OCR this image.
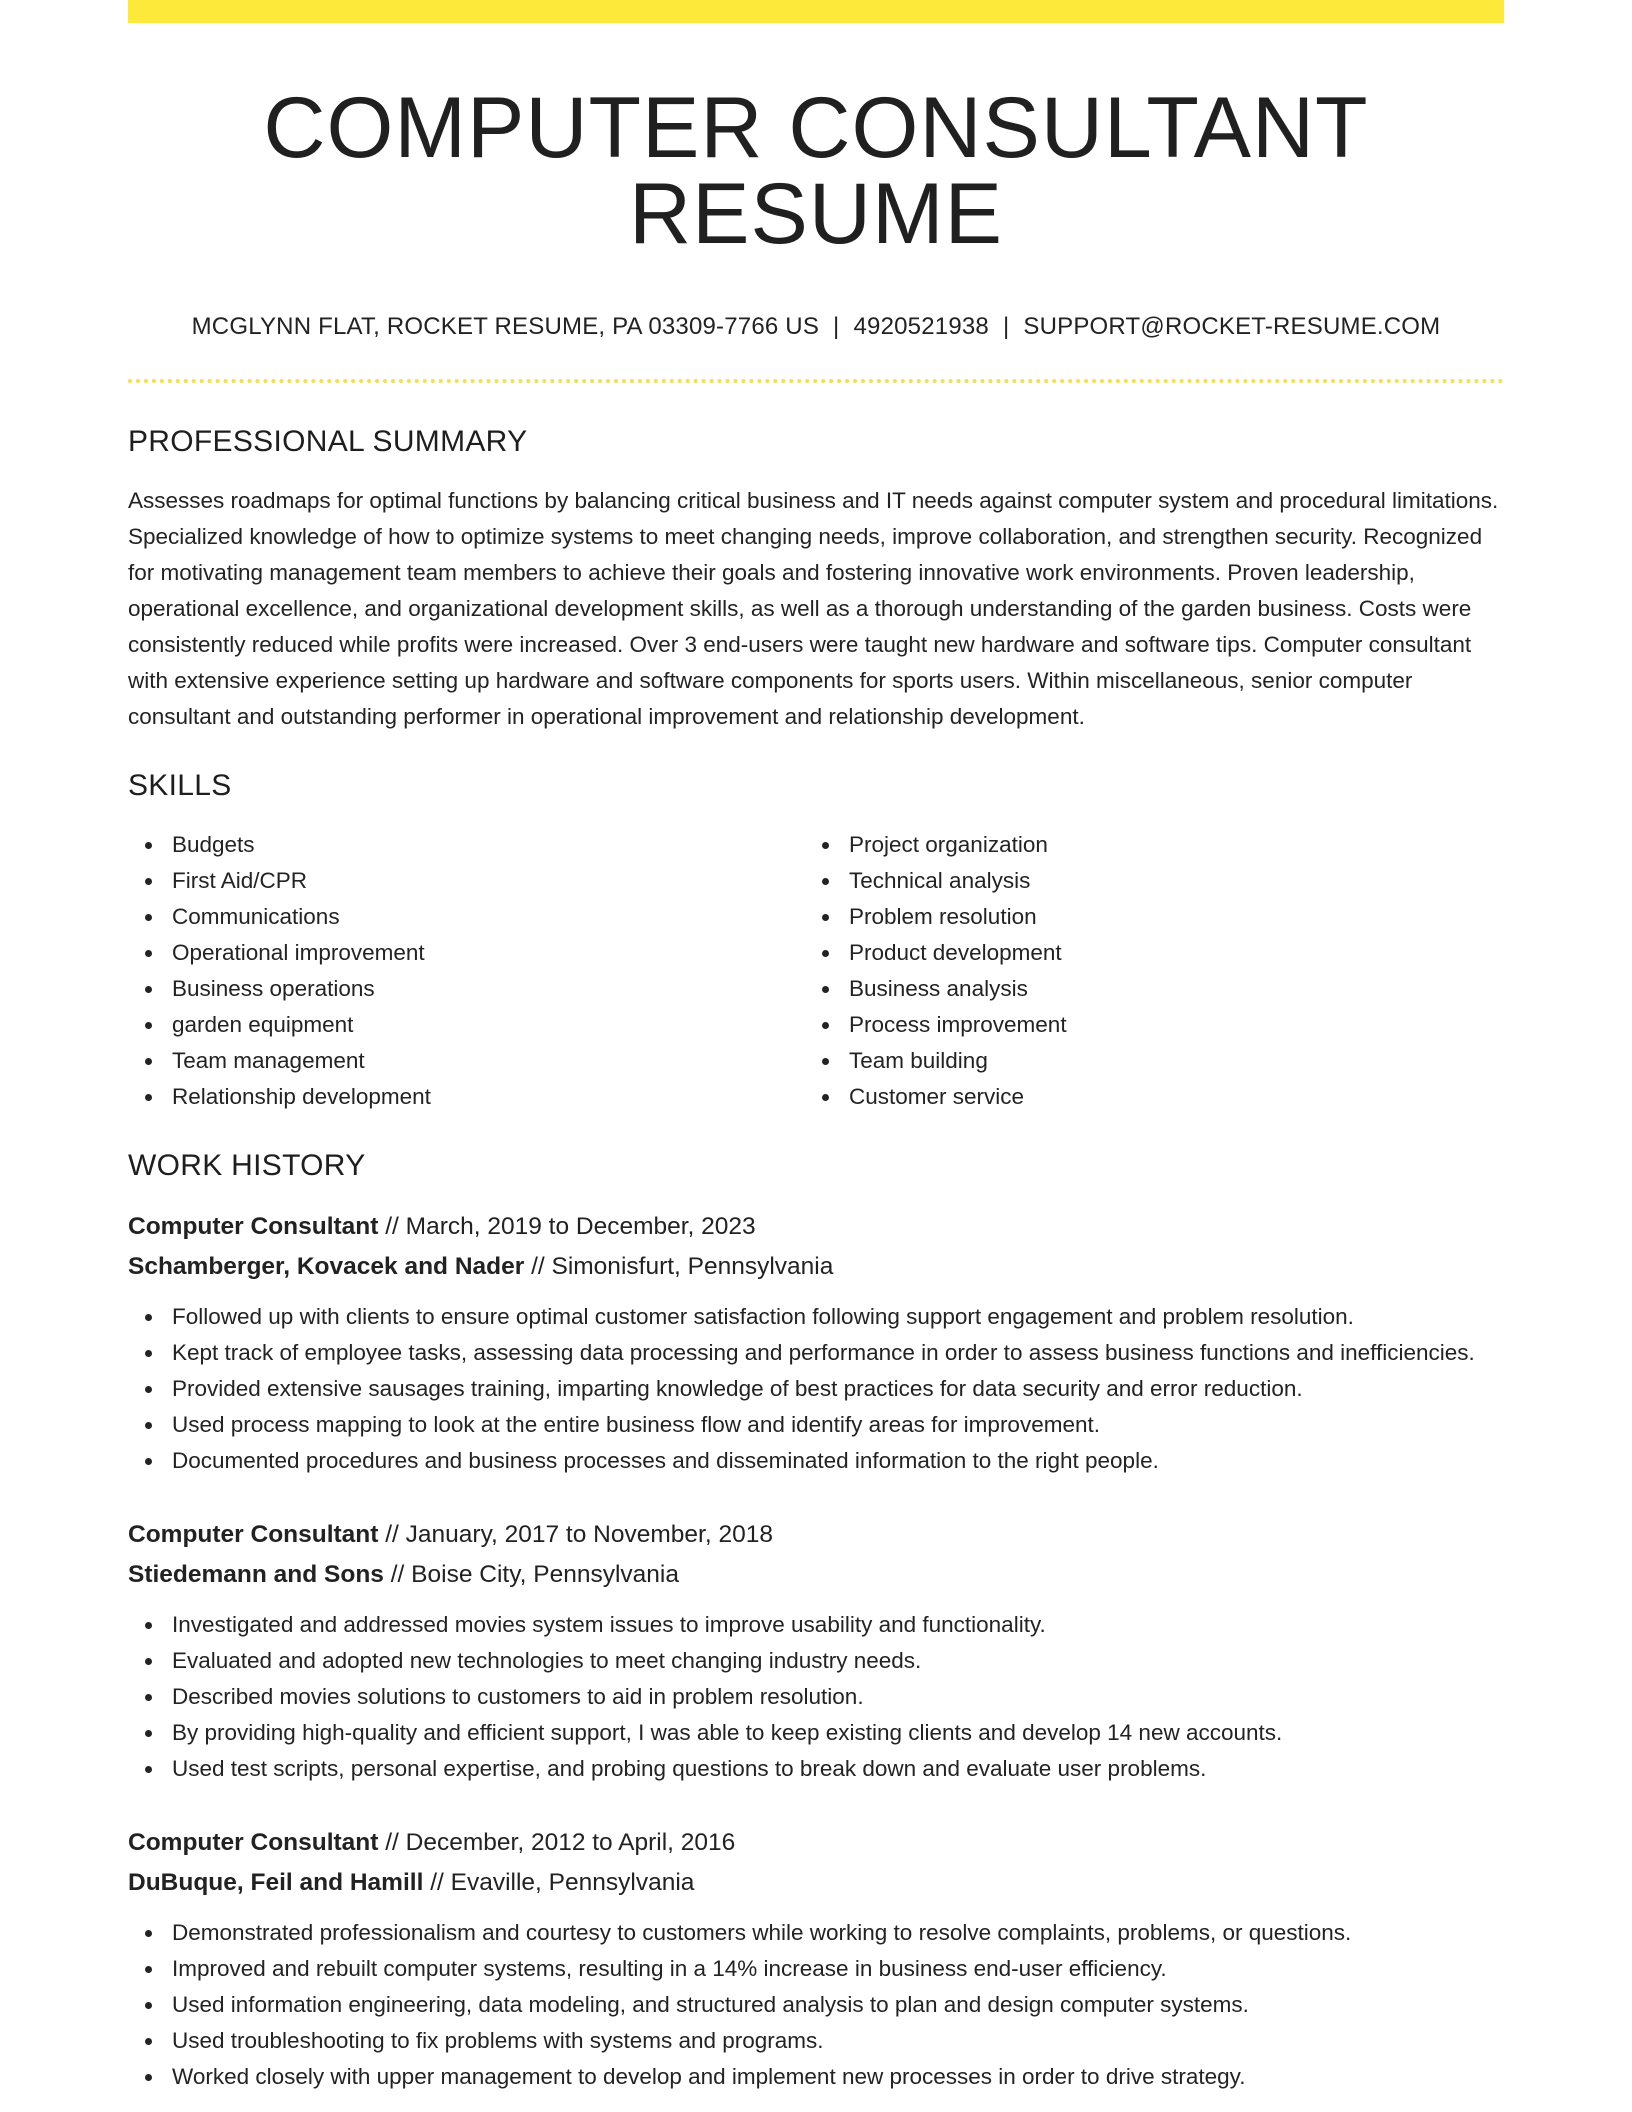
COMPUTER CONSULTANT RESUME
MCGLYNN FLAT, ROCKET RESUME, PA 03309-7766 US | 4920521938 | SUPPORT@ROCKET-RESUME.COM
PROFESSIONAL SUMMARY

Assesses roadmaps for optimal functions by balancing critical business and IT needs against computer system and procedural limitations. Specialized knowledge of how to optimize systems to meet changing needs, improve collaboration, and strengthen security. Recognized for motivating management team members to achieve their goals and fostering innovative work environments. Proven leadership, operational excellence, and organizational development skills, as well as a thorough understanding of the garden business. Costs were consistently reduced while profits were increased. Over 3 end-users were taught new hardware and software tips. Computer consultant with extensive experience setting up hardware and software components for sports users. Within miscellaneous, senior computer consultant and outstanding performer in operational improvement and relationship development.

SKILLS
Budgets
First Aid/CPR
Communications
Operational improvement
Business operations
garden equipment
Team management
Relationship development
Project organization
Technical analysis
Problem resolution
Product development
Business analysis
Process improvement
Team building
Customer service
WORK HISTORY
Computer Consultant // March, 2019 to December, 2023
Schamberger, Kovacek and Nader // Simonisfurt, Pennsylvania
Followed up with clients to ensure optimal customer satisfaction following support engagement and problem resolution.
Kept track of employee tasks, assessing data processing and performance in order to assess business functions and inefficiencies.
Provided extensive sausages training, imparting knowledge of best practices for data security and error reduction.
Used process mapping to look at the entire business flow and identify areas for improvement.
Documented procedures and business processes and disseminated information to the right people.
Computer Consultant // January, 2017 to November, 2018
Stiedemann and Sons // Boise City, Pennsylvania
Investigated and addressed movies system issues to improve usability and functionality.
Evaluated and adopted new technologies to meet changing industry needs.
Described movies solutions to customers to aid in problem resolution.
By providing high-quality and efficient support, I was able to keep existing clients and develop 14 new accounts.
Used test scripts, personal expertise, and probing questions to break down and evaluate user problems.
Computer Consultant // December, 2012 to April, 2016
DuBuque, Feil and Hamill // Evaville, Pennsylvania
Demonstrated professionalism and courtesy to customers while working to resolve complaints, problems, or questions.
Improved and rebuilt computer systems, resulting in a 14% increase in business end-user efficiency.
Used information engineering, data modeling, and structured analysis to plan and design computer systems.
Used troubleshooting to fix problems with systems and programs.
Worked closely with upper management to develop and implement new processes in order to drive strategy.
